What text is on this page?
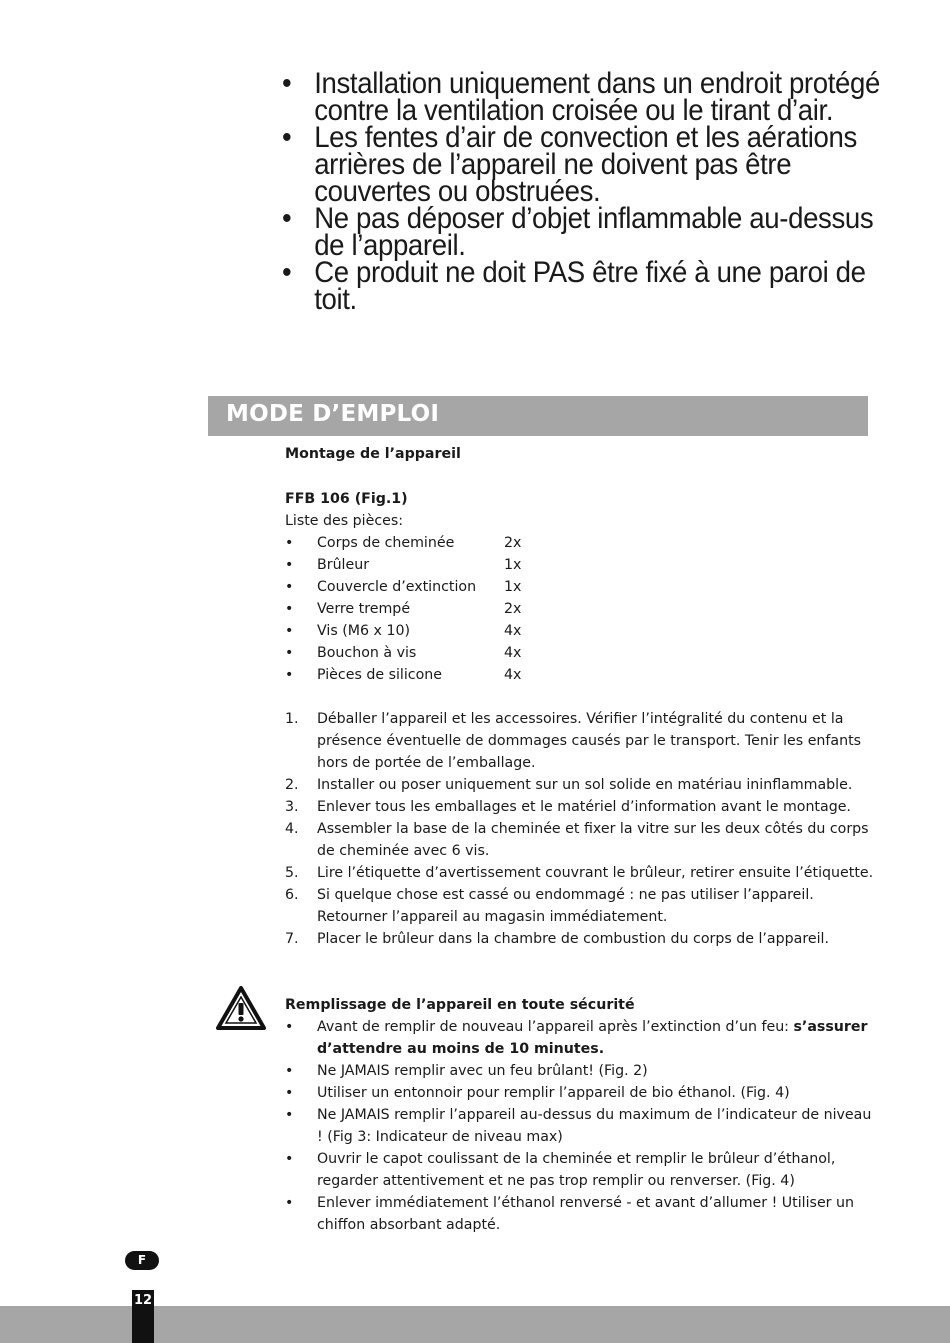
• Installation uniquement dans un endroit protégé contre la ventilation croisée ou le tirant d’air.
• Les fentes d’air de convection et les aérations arrières de l’appareil ne doivent pas être couvertes ou obstruées.
• Ne pas déposer d’objet inflammable au-dessus de l’appareil.
• Ce produit ne doit PAS être fixé à une paroi de toit.
MODE D’EMPLOI
Montage de l’appareil
FFB 106 (Fig.1)
Liste des pièces:
• Corps de cheminée	2x
• Brûleur	1x
• Couvercle d’extinction 1x
• Verre trempé	2x
• Vis (M6 x 10)	4x
• Bouchon à vis	4x
• Pièces de silicone	4x
1. Déballer l’appareil et les accessoires. Vérifier l’intégralité du contenu et la présence éventuelle de dommages causés par le transport. Tenir les enfants hors de portée de l’emballage.
2. Installer ou poser uniquement sur un sol solide en matériau ininflammable.
3. Enlever tous les emballages et le matériel d’information avant le montage.
4. Assembler la base de la cheminée et fixer la vitre sur les deux côtés du corps de cheminée avec 6 vis.
5. Lire l’étiquette d’avertissement couvrant le brûleur, retirer ensuite l’étiquette.
6. Si quelque chose est cassé ou endommagé : ne pas utiliser l’appareil. Retourner l’appareil au magasin immédiatement.
7. Placer le brûleur dans la chambre de combustion du corps de l’appareil.
Remplissage de l’appareil en toute sécurité
• Avant de remplir de nouveau l’appareil après l’extinction d’un feu: s’assurer d’attendre au moins de 10 minutes.
• Ne JAMAIS remplir avec un feu brûlant! (Fig. 2)
• Utiliser un entonnoir pour remplir l’appareil de bio éthanol. (Fig. 4)
• Ne JAMAIS remplir l’appareil au-dessus du maximum de l’indicateur de niveau ! (Fig 3: Indicateur de niveau max)
• Ouvrir le capot coulissant de la cheminée et remplir le brûleur d’éthanol, regarder attentivement et ne pas trop remplir ou renverser. (Fig. 4)
• Enlever immédiatement l’éthanol renversé - et avant d’allumer ! Utiliser un chiffon absorbant adapté.
F
12
